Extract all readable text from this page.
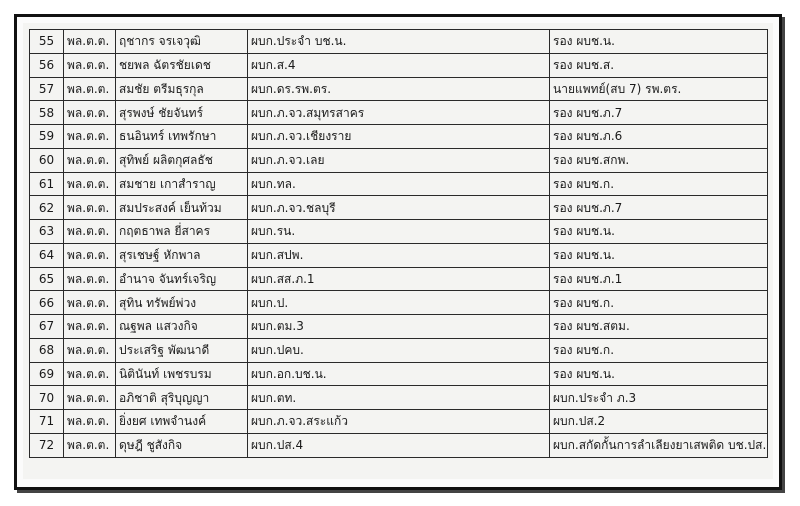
55	พล.ต.ต.	ฤชากร จรเจวุฒิ	ผบก.ประจำ บช.น.	รอง ผบช.น.
56	พล.ต.ต.	ชยพล ฉัตรชัยเดช	ผบก.ส.4	รอง ผบช.ส.
57	พล.ต.ต.	สมชัย ตรีมธุรกุล	ผบก.ดร.รพ.ตร.	นายแพทย์(สบ 7) รพ.ตร.
58	พล.ต.ต.	สุรพงษ์ ชัยจันทร์	ผบก.ภ.จว.สมุทรสาคร	รอง ผบช.ภ.7
59	พล.ต.ต.	ธนอินทร์ เทพรักษา	ผบก.ภ.จว.เชียงราย	รอง ผบช.ภ.6
60	พล.ต.ต.	สุทิพย์ ผลิตกุศลธัช	ผบก.ภ.จว.เลย	รอง ผบช.สกพ.
61	พล.ต.ต.	สมชาย เกาสำราญ	ผบก.ทล.	รอง ผบช.ก.
62	พล.ต.ต.	สมประสงค์ เย็นท้วม	ผบก.ภ.จว.ชลบุรี	รอง ผบช.ภ.7
63	พล.ต.ต.	กฤตธาพล ยี่สาคร	ผบก.รน.	รอง ผบช.น.
64	พล.ต.ต.	สุรเชษฐ์ หักพาล	ผบก.สปพ.	รอง ผบช.น.
65	พล.ต.ต.	อำนาจ จันทร์เจริญ	ผบก.สส.ภ.1	รอง ผบช.ภ.1
66	พล.ต.ต.	สุทิน ทรัพย์พ่วง	ผบก.ป.	รอง ผบช.ก.
67	พล.ต.ต.	ณฐพล แสวงกิจ	ผบก.ตม.3	รอง ผบช.สตม.
68	พล.ต.ต.	ประเสริฐ พัฒนาดี	ผบก.ปคบ.	รอง ผบช.ก.
69	พล.ต.ต.	นิตินันท์ เพชรบรม	ผบก.อก.บช.น.	รอง ผบช.น.
70	พล.ต.ต.	อภิชาติ สุริบุญญา	ผบก.ตท.	ผบก.ประจำ ภ.3
71	พล.ต.ต.	ยิ่งยศ เทพจำนงค์	ผบก.ภ.จว.สระแก้ว	ผบก.ปส.2
72	พล.ต.ต.	ดุษฎี ชูสังกิจ	ผบก.ปส.4	ผบก.สกัดกั้นการลำเลียงยาเสพติด บช.ปส.
